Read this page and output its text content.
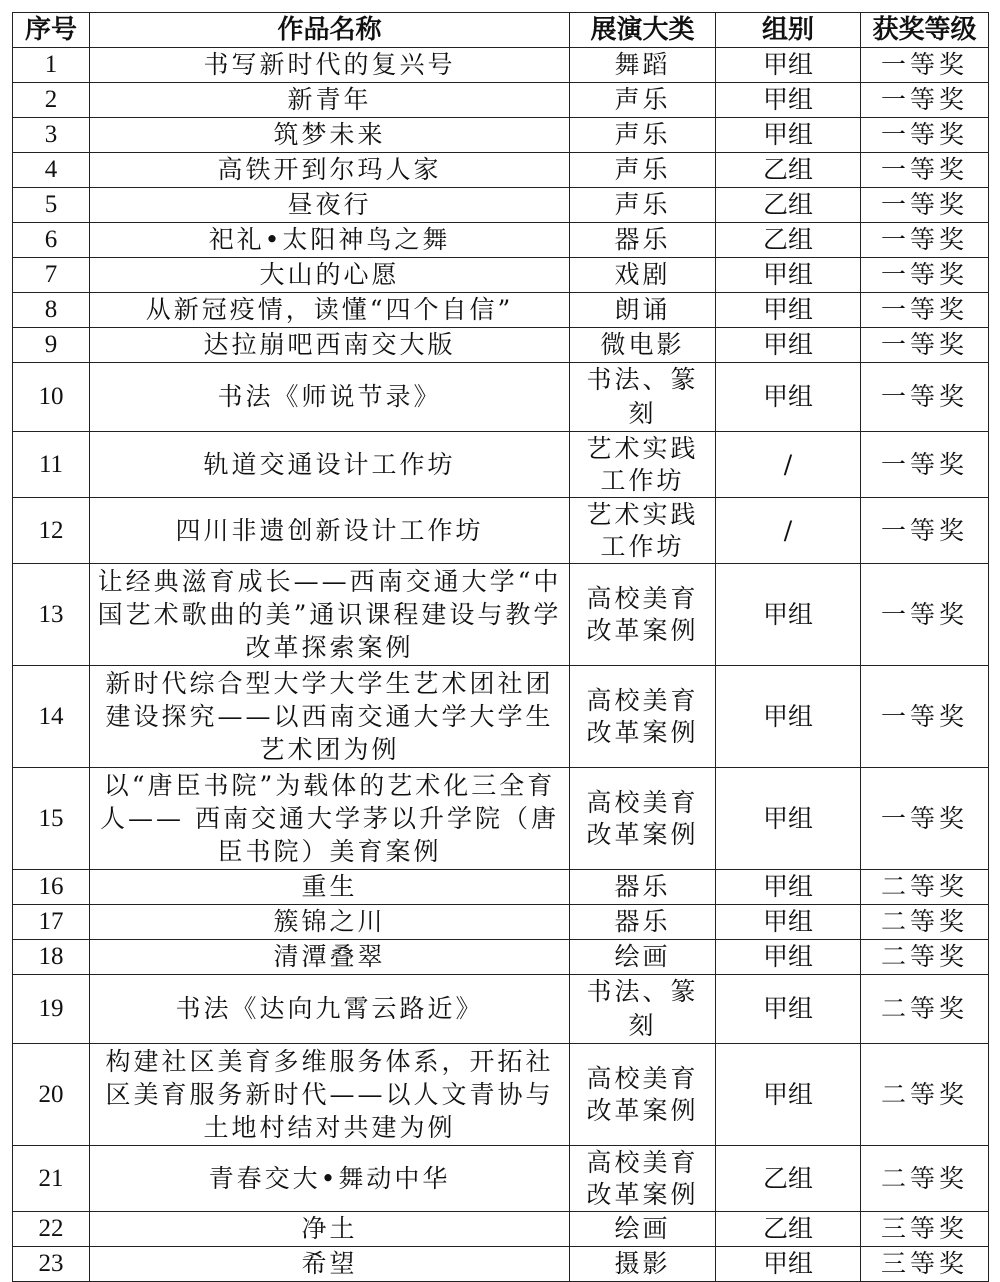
序号	作品名称	展演大类	组别	获奖等级
1	书写新时代的复兴号	舞蹈	甲组	一等奖
2	新青年	声乐	甲组	一等奖
3	筑梦未来	声乐	甲组	一等奖
4	高铁开到尔玛人家	声乐	乙组	一等奖
5	昼夜行	声乐	乙组	一等奖
6	祀礼•太阳神鸟之舞	器乐	乙组	一等奖
7	大山的心愿	戏剧	甲组	一等奖
8	从新冠疫情，读懂“四个自信”	朗诵	甲组	一等奖
9	达拉崩吧西南交大版	微电影	甲组	一等奖
10	书法《师说节录》	书法、篆刻	甲组	一等奖
11	轨道交通设计工作坊	艺术实践工作坊	/	一等奖
12	四川非遗创新设计工作坊	艺术实践工作坊	/	一等奖
13	让经典滋育成长——西南交通大学“中国艺术歌曲的美”通识课程建设与教学改革探索案例	高校美育改革案例	甲组	一等奖
14	新时代综合型大学大学生艺术团社团建设探究——以西南交通大学大学生艺术团为例	高校美育改革案例	甲组	一等奖
15	以“唐臣书院”为载体的艺术化三全育人—— 西南交通大学茅以升学院（唐臣书院）美育案例	高校美育改革案例	甲组	一等奖
16	重生	器乐	甲组	二等奖
17	簇锦之川	器乐	甲组	二等奖
18	清潭叠翠	绘画	甲组	二等奖
19	书法《达向九霄云路近》	书法、篆刻	甲组	二等奖
20	构建社区美育多维服务体系，开拓社区美育服务新时代——以人文青协与土地村结对共建为例	高校美育改革案例	甲组	二等奖
21	青春交大•舞动中华	高校美育改革案例	乙组	二等奖
22	净土	绘画	乙组	三等奖
23	希望	摄影	甲组	三等奖
